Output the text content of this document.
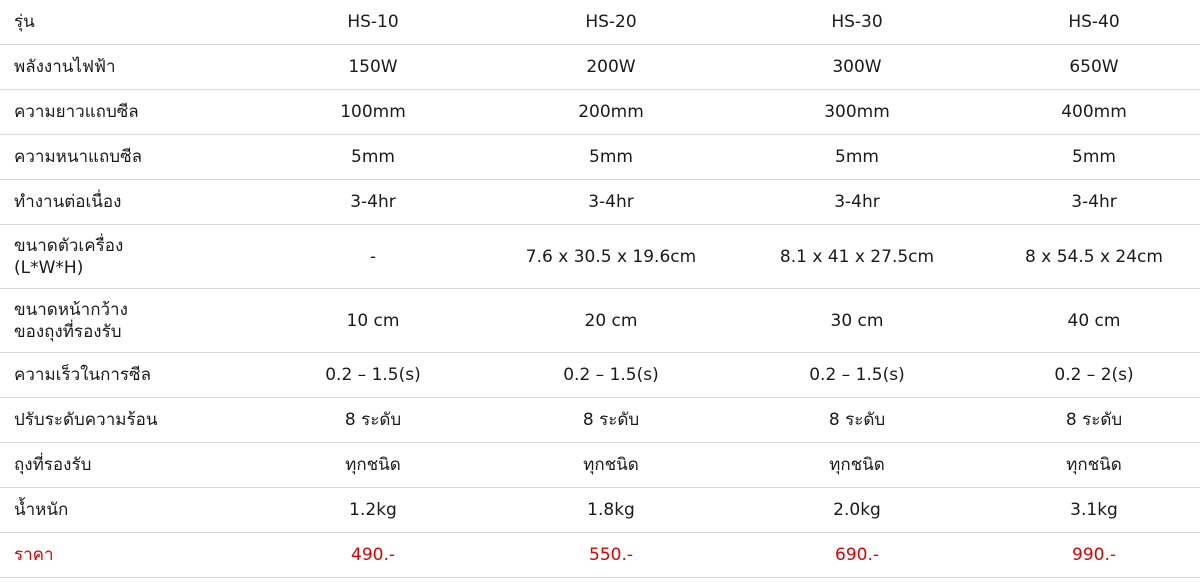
รุ่น	HS-10	HS-20	HS-30	HS-40
พลังงานไฟฟ้า	150W	200W	300W	650W
ความยาวแถบซีล	100mm	200mm	300mm	400mm
ความหนาแถบซีล	5mm	5mm	5mm	5mm
ทำงานต่อเนื่อง	3-4hr	3-4hr	3-4hr	3-4hr
ขนาดตัวเครื่อง
(L*W*H)	-	7.6 x 30.5 x 19.6cm	8.1 x 41 x 27.5cm	8 x 54.5 x 24cm
ขนาดหน้ากว้าง
ของถุงที่รองรับ	10 cm	20 cm	30 cm	40 cm
ความเร็วในการซีล	0.2 – 1.5(s)	0.2 – 1.5(s)	0.2 – 1.5(s)	0.2 – 2(s)
ปรับระดับความร้อน	8 ระดับ	8 ระดับ	8 ระดับ	8 ระดับ
ถุงที่รองรับ	ทุกชนิด	ทุกชนิด	ทุกชนิด	ทุกชนิด
น้ำหนัก	1.2kg	1.8kg	2.0kg	3.1kg
ราคา	490.-	550.-	690.-	990.-
